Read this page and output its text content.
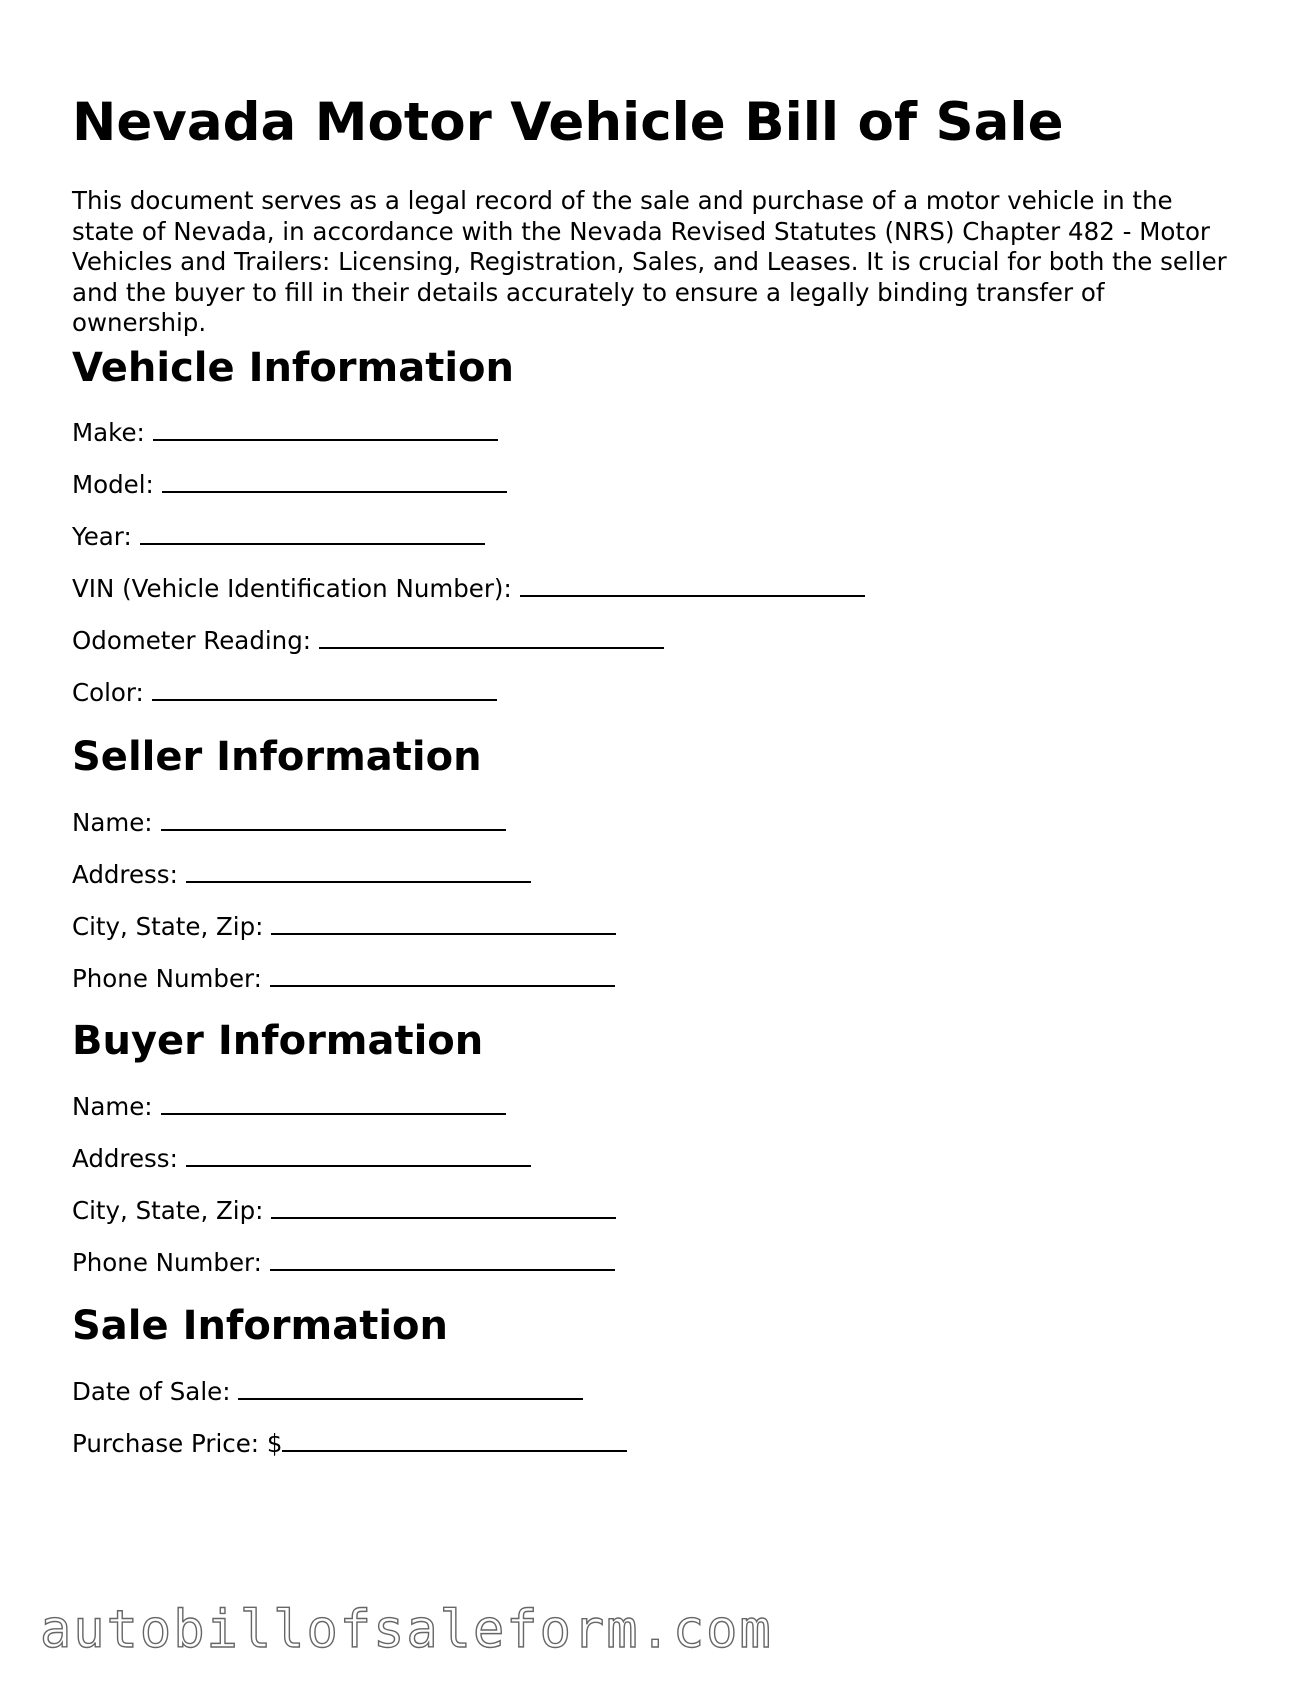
Nevada Motor Vehicle Bill of Sale

This document serves as a legal record of the sale and purchase of a motor vehicle in the state of Nevada, in accordance with the Nevada Revised Statutes (NRS) Chapter 482 - Motor Vehicles and Trailers: Licensing, Registration, Sales, and Leases. It is crucial for both the seller and the buyer to fill in their details accurately to ensure a legally binding transfer of ownership.

Vehicle Information
Make:
Model:
Year:
VIN (Vehicle Identification Number):
Odometer Reading:
Color:
Seller Information
Name:
Address:
City, State, Zip:
Phone Number:
Buyer Information
Name:
Address:
City, State, Zip:
Phone Number:
Sale Information
Date of Sale:
Purchase Price: $
autobillofsaleform.com
